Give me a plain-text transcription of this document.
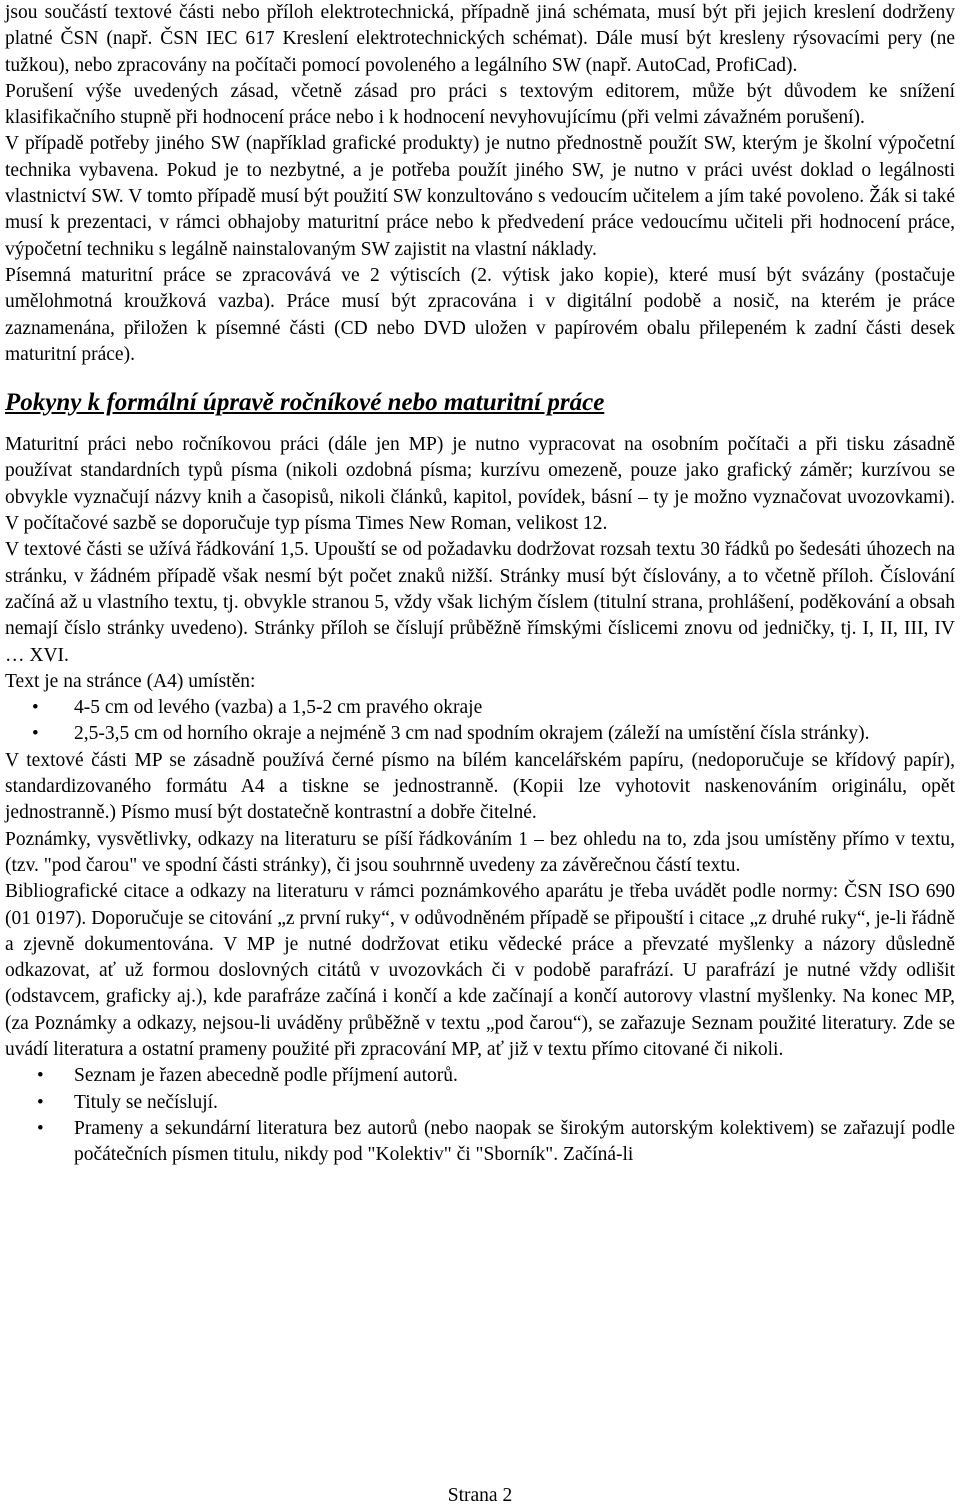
jsou součástí textové části nebo příloh elektrotechnická, případně jiná schémata, musí být při jejich kreslení dodrženy platné ČSN (např. ČSN IEC 617 Kreslení elektrotechnických schémat). Dále musí být kresleny rýsovacími pery (ne tužkou), nebo zpracovány na počítači pomocí povoleného a legálního SW (např. AutoCad, ProfiCad).

Porušení výše uvedených zásad, včetně zásad pro práci s textovým editorem, může být důvodem ke snížení klasifikačního stupně při hodnocení práce nebo i k hodnocení nevyhovujícímu (při velmi závažném porušení).

V případě potřeby jiného SW (například grafické produkty) je nutno přednostně použít SW, kterým je školní výpočetní technika vybavena. Pokud je to nezbytné, a je potřeba použít jiného SW, je nutno v práci uvést doklad o legálnosti vlastnictví SW. V tomto případě musí být použití SW konzultováno s vedoucím učitelem a jím také povoleno. Žák si také musí k prezentaci, v rámci obhajoby maturitní práce nebo k předvedení práce vedoucímu učiteli při hodnocení práce, výpočetní techniku s legálně nainstalovaným SW zajistit na vlastní náklady.

Písemná maturitní práce se zpracovává ve 2 výtiscích (2. výtisk jako kopie), které musí být svázány (postačuje umělohmotná kroužková vazba). Práce musí být zpracována i v digitální podobě a nosič, na kterém je práce zaznamenána, přiložen k písemné části (CD nebo DVD uložen v papírovém obalu přilepeném k zadní části desek maturitní práce).

Pokyny k formální úpravě ročníkové nebo maturitní práce

Maturitní práci nebo ročníkovou práci (dále jen MP) je nutno vypracovat na osobním počítači a při tisku zásadně používat standardních typů písma (nikoli ozdobná písma; kurzívu omezeně, pouze jako grafický záměr; kurzívou se obvykle vyznačují názvy knih a časopisů, nikoli článků, kapitol, povídek, básní – ty je možno vyznačovat uvozovkami). V počítačové sazbě se doporučuje typ písma Times New Roman, velikost 12.

V textové části se užívá řádkování 1,5. Upouští se od požadavku dodržovat rozsah textu 30 řádků po šedesáti úhozech na stránku, v žádném případě však nesmí být počet znaků nižší. Stránky musí být číslovány, a to včetně příloh. Číslování začíná až u vlastního textu, tj. obvykle stranou 5, vždy však lichým číslem (titulní strana, prohlášení, poděkování a obsah nemají číslo stránky uvedeno). Stránky příloh se číslují průběžně římskými číslicemi znovu od jedničky, tj. I, II, III, IV … XVI.

Text je na stránce (A4) umístěn:

• 4-5 cm od levého (vazba) a 1,5-2 cm pravého okraje

• 2,5-3,5 cm od horního okraje a nejméně 3 cm nad spodním okrajem (záleží na umístění čísla stránky).

V textové části MP se zásadně používá černé písmo na bílém kancelářském papíru, (nedoporučuje se křídový papír), standardizovaného formátu A4 a tiskne se jednostranně. (Kopii lze vyhotovit naskenováním originálu, opět jednostranně.) Písmo musí být dostatečně kontrastní a dobře čitelné.

Poznámky, vysvětlivky, odkazy na literaturu se píší řádkováním 1 – bez ohledu na to, zda jsou umístěny přímo v textu, (tzv. "pod čarou" ve spodní části stránky), či jsou souhrnně uvedeny za závěrečnou částí textu.

Bibliografické citace a odkazy na literaturu v rámci poznámkového aparátu je třeba uvádět podle normy: ČSN ISO 690 (01 0197). Doporučuje se citování „z první ruky“, v odůvodněném případě se připouští i citace „z druhé ruky“, je-li řádně a zjevně dokumentována. V MP je nutné dodržovat etiku vědecké práce a převzaté myšlenky a názory důsledně odkazovat, ať už formou doslovných citátů v uvozovkách či v podobě parafrází. U parafrází je nutné vždy odlišit (odstavcem, graficky aj.), kde parafráze začíná i končí a kde začínají a končí autorovy vlastní myšlenky. Na konec MP, (za Poznámky a odkazy, nejsou-li uváděny průběžně v textu „pod čarou“), se zařazuje Seznam použité literatury. Zde se uvádí literatura a ostatní prameny použité při zpracování MP, ať již v textu přímo citované či nikoli.

• Seznam je řazen abecedně podle příjmení autorů.

• Tituly se nečíslují.

• Prameny a sekundární literatura bez autorů (nebo naopak se širokým autorským kolektivem) se zařazují podle počátečních písmen titulu, nikdy pod "Kolektiv" či "Sborník". Začíná-li

Strana 2
